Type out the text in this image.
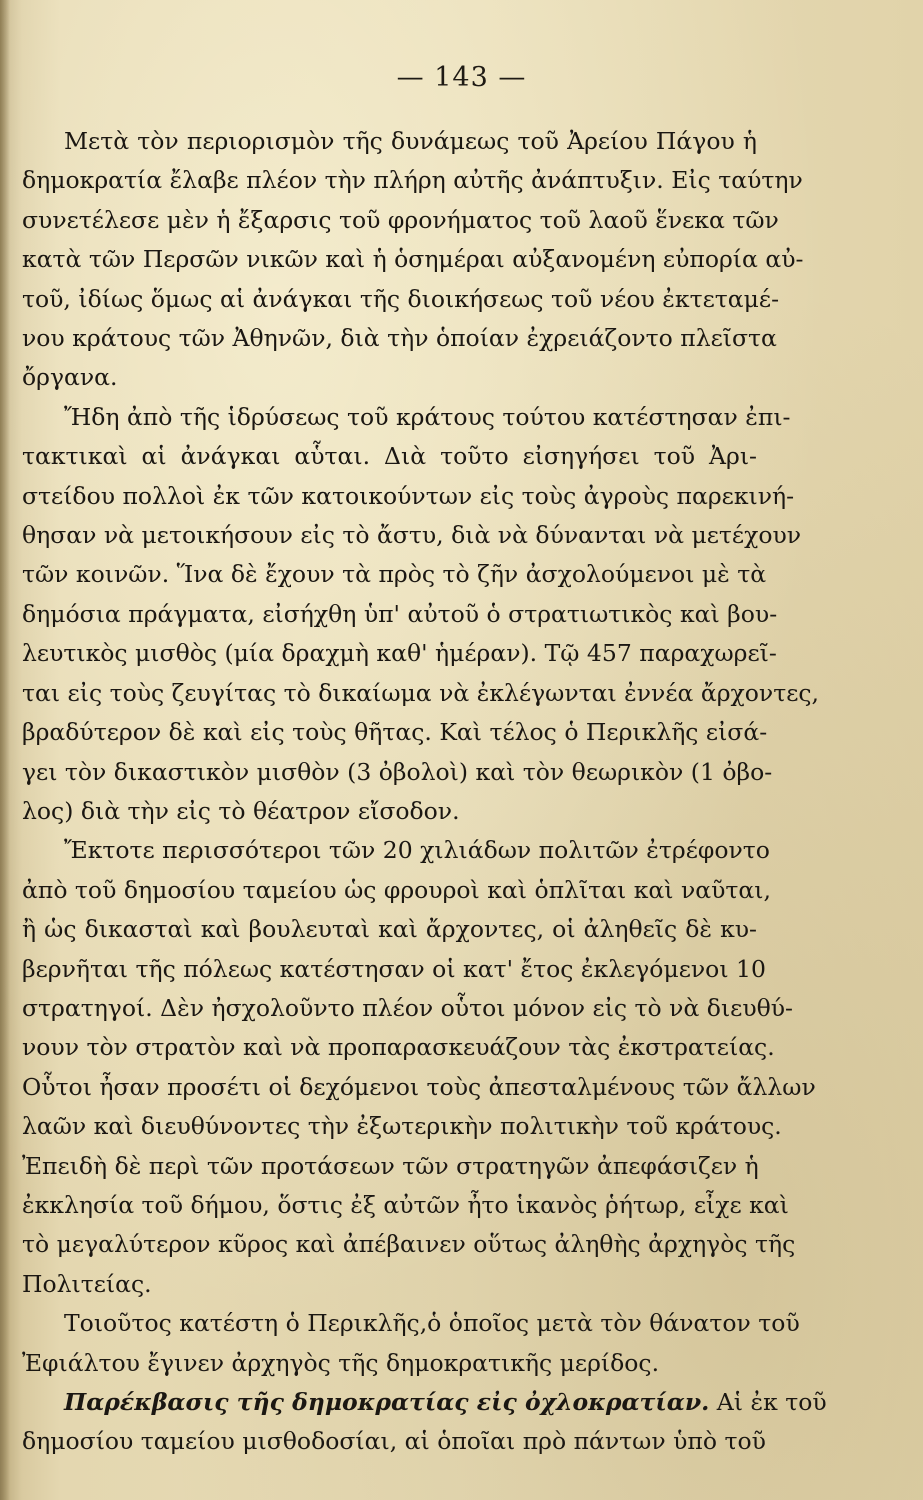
— 143 —
Μετὰ τὸν περιορισμὸν τῆς δυνάμεως τοῦ Ἀρείου Πάγου ἡ
δημοκρατία ἔλαβε πλέον τὴν πλήρη αὐτῆς ἀνάπτυξιν. Εἰς ταύτην
συνετέλεσε μὲν ἡ ἔξαρσις τοῦ φρονήματος τοῦ λαοῦ ἕνεκα τῶν
κατὰ τῶν Περσῶν νικῶν καὶ ἡ ὁσημέραι αὐξανομένη εὐπορία αὐ-
τοῦ, ἰδίως ὅμως αἱ ἀνάγκαι τῆς διοικήσεως τοῦ νέου ἐκτεταμέ-
νου κράτους τῶν Ἀθηνῶν, διὰ τὴν ὁποίαν ἐχρειάζοντο πλεῖστα
ὄργανα.
Ἤδη ἀπὸ τῆς ἱδρύσεως τοῦ κράτους τούτου κατέστησαν ἐπι-
τακτικαὶ αἱ ἀνάγκαι αὗται. Διὰ τοῦτο εἰσηγήσει τοῦ Ἀρι-
στείδου πολλοὶ ἐκ τῶν κατοικούντων εἰς τοὺς ἀγροὺς παρεκινή-
θησαν νὰ μετοικήσουν εἰς τὸ ἄστυ, διὰ νὰ δύνανται νὰ μετέχουν
τῶν κοινῶν. Ἵνα δὲ ἔχουν τὰ πρὸς τὸ ζῆν ἀσχολούμενοι μὲ τὰ
δημόσια πράγματα, εἰσήχθη ὑπ' αὐτοῦ ὁ στρατιωτικὸς καὶ βου-
λευτικὸς μισθὸς (μία δραχμὴ καθ' ἡμέραν). Τῷ 457 παραχωρεῖ-
ται εἰς τοὺς ζευγίτας τὸ δικαίωμα νὰ ἐκλέγωνται ἐννέα ἄρχοντες,
βραδύτερον δὲ καὶ εἰς τοὺς θῆτας. Καὶ τέλος ὁ Περικλῆς εἰσά-
γει τὸν δικαστικὸν μισθὸν (3 ὀβολοὶ) καὶ τὸν θεωρικὸν (1 ὀβο-
λος) διὰ τὴν εἰς τὸ θέατρον εἴσοδον.
Ἔκτοτε περισσότεροι τῶν 20 χιλιάδων πολιτῶν ἐτρέφοντο
ἀπὸ τοῦ δημοσίου ταμείου ὡς φρουροὶ καὶ ὁπλῖται καὶ ναῦται,
ἢ ὡς δικασταὶ καὶ βουλευταὶ καὶ ἄρχοντες, οἱ ἀληθεῖς δὲ κυ-
βερνῆται τῆς πόλεως κατέστησαν οἱ κατ' ἔτος ἐκλεγόμενοι 10
στρατηγοί. Δὲν ἠσχολοῦντο πλέον οὗτοι μόνον εἰς τὸ νὰ διευθύ-
νουν τὸν στρατὸν καὶ νὰ προπαρασκευάζουν τὰς ἐκστρατείας.
Οὗτοι ἦσαν προσέτι οἱ δεχόμενοι τοὺς ἀπεσταλμένους τῶν ἄλλων
λαῶν καὶ διευθύνοντες τὴν ἐξωτερικὴν πολιτικὴν τοῦ κράτους.
Ἐπειδὴ δὲ περὶ τῶν προτάσεων τῶν στρατηγῶν ἀπεφάσιζεν ἡ
ἐκκλησία τοῦ δήμου, ὅστις ἐξ αὐτῶν ἦτο ἱκανὸς ῥήτωρ, εἶχε καὶ
τὸ μεγαλύτερον κῦρος καὶ ἀπέβαινεν οὕτως ἀληθὴς ἀρχηγὸς τῆς
Πολιτείας.
Τοιοῦτος κατέστη ὁ Περικλῆς,ὁ ὁποῖος μετὰ τὸν θάνατον τοῦ
Ἐφιάλτου ἔγινεν ἀρχηγὸς τῆς δημοκρατικῆς μερίδος.
Παρέκβασις τῆς δημοκρατίας εἰς ὀχλοκρατίαν. Αἱ ἐκ τοῦ
δημοσίου ταμείου μισθοδοσίαι, αἱ ὁποῖαι πρὸ πάντων ὑπὸ τοῦ
